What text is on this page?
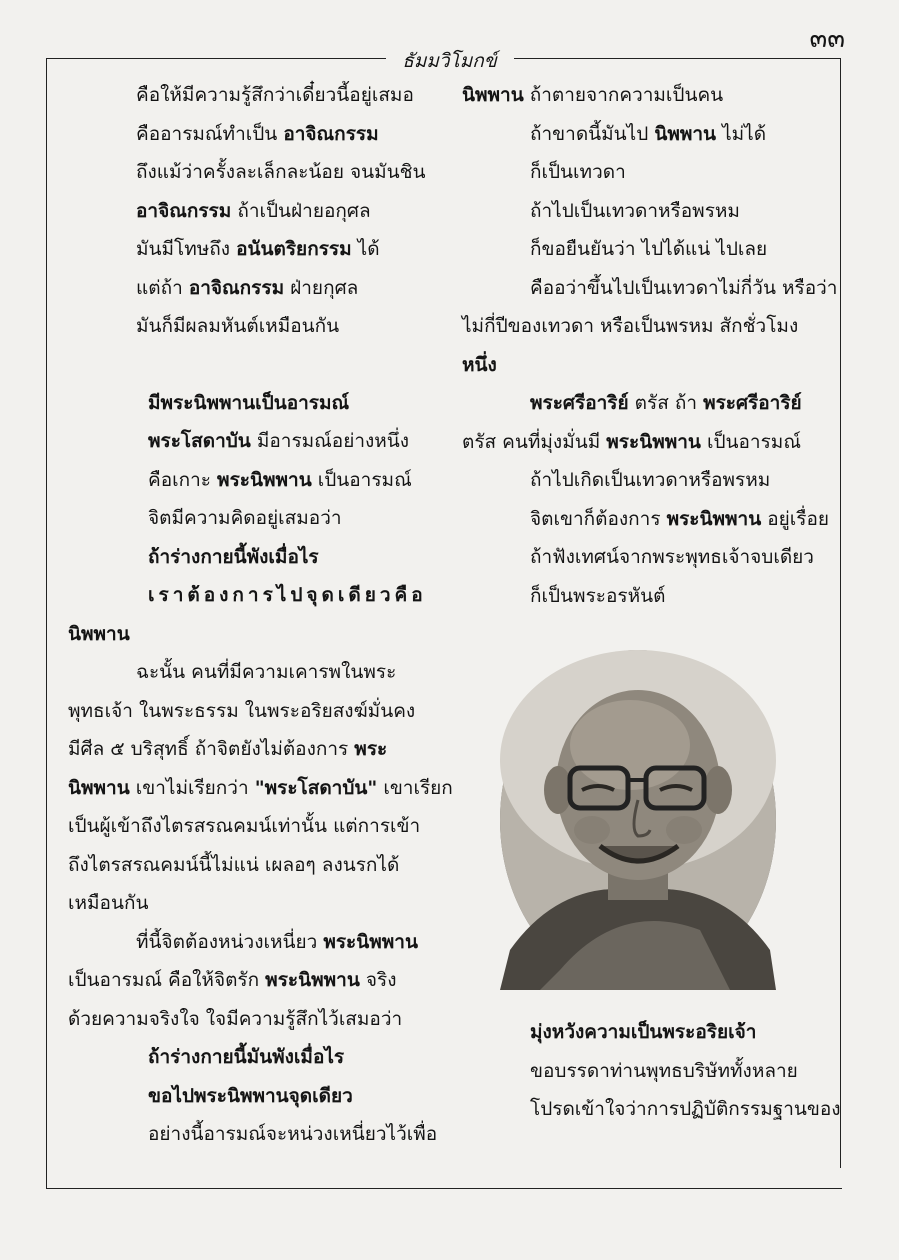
๓๓
ธัมมวิโมกข์
คือให้มีความรู้สึกว่าเดี๋ยวนี้อยู่เสมอ
คืออารมณ์ทำเป็น อาจิณกรรม
ถึงแม้ว่าครั้งละเล็กละน้อย จนมันชิน
อาจิณกรรม ถ้าเป็นฝ่ายอกุศล
มันมีโทษถึง อนันตริยกรรม ได้
แต่ถ้า อาจิณกรรม ฝ่ายกุศล
มันก็มีผลมหันต์เหมือนกัน
มีพระนิพพานเป็นอารมณ์
พระโสดาบัน มีอารมณ์อย่างหนึ่ง
คือเกาะ พระนิพพาน เป็นอารมณ์
จิตมีความคิดอยู่เสมอว่า
ถ้าร่างกายนี้พังเมื่อไร
เราต้องการไปจุดเดียวคือ
นิพพาน
ฉะนั้น คนที่มีความเคารพในพระ
พุทธเจ้า ในพระธรรม ในพระอริยสงฆ์มั่นคง
มีศีล ๕ บริสุทธิ์ ถ้าจิตยังไม่ต้องการ พระ
นิพพาน เขาไม่เรียกว่า "พระโสดาบัน" เขาเรียก
เป็นผู้เข้าถึงไตรสรณคมน์เท่านั้น แต่การเข้า
ถึงไตรสรณคมน์นี้ไม่แน่ เผลอๆ ลงนรกได้
เหมือนกัน
ที่นี้จิตต้องหน่วงเหนี่ยว พระนิพพาน
เป็นอารมณ์ คือให้จิตรัก พระนิพพาน จริง
ด้วยความจริงใจ ใจมีความรู้สึกไว้เสมอว่า
ถ้าร่างกายนี้มันพังเมื่อไร
ขอไปพระนิพพานจุดเดียว
อย่างนี้อารมณ์จะหน่วงเหนี่ยวไว้เพื่อ
นิพพาน ถ้าตายจากความเป็นคน
ถ้าขาดนี้มันไป นิพพาน ไม่ได้
ก็เป็นเทวดา
ถ้าไปเป็นเทวดาหรือพรหม
ก็ขอยืนยันว่า ไปได้แน่ ไปเลย
คืออว่าขึ้นไปเป็นเทวดาไม่กี่วัน หรือว่า
ไม่กี่ปีของเทวดา หรือเป็นพรหม สักชั่วโมง
หนึ่ง
พระศรีอาริย์ ตรัส ถ้า พระศรีอาริย์
ตรัส คนที่มุ่งมั่นมี พระนิพพาน เป็นอารมณ์
ถ้าไปเกิดเป็นเทวดาหรือพรหม
จิตเขาก็ต้องการ พระนิพพาน อยู่เรื่อย
ถ้าฟังเทศน์จากพระพุทธเจ้าจบเดียว
ก็เป็นพระอรหันต์
มุ่งหวังความเป็นพระอริยเจ้า
ขอบรรดาท่านพุทธบริษัททั้งหลาย
โปรดเข้าใจว่าการปฏิบัติกรรมฐานของ
